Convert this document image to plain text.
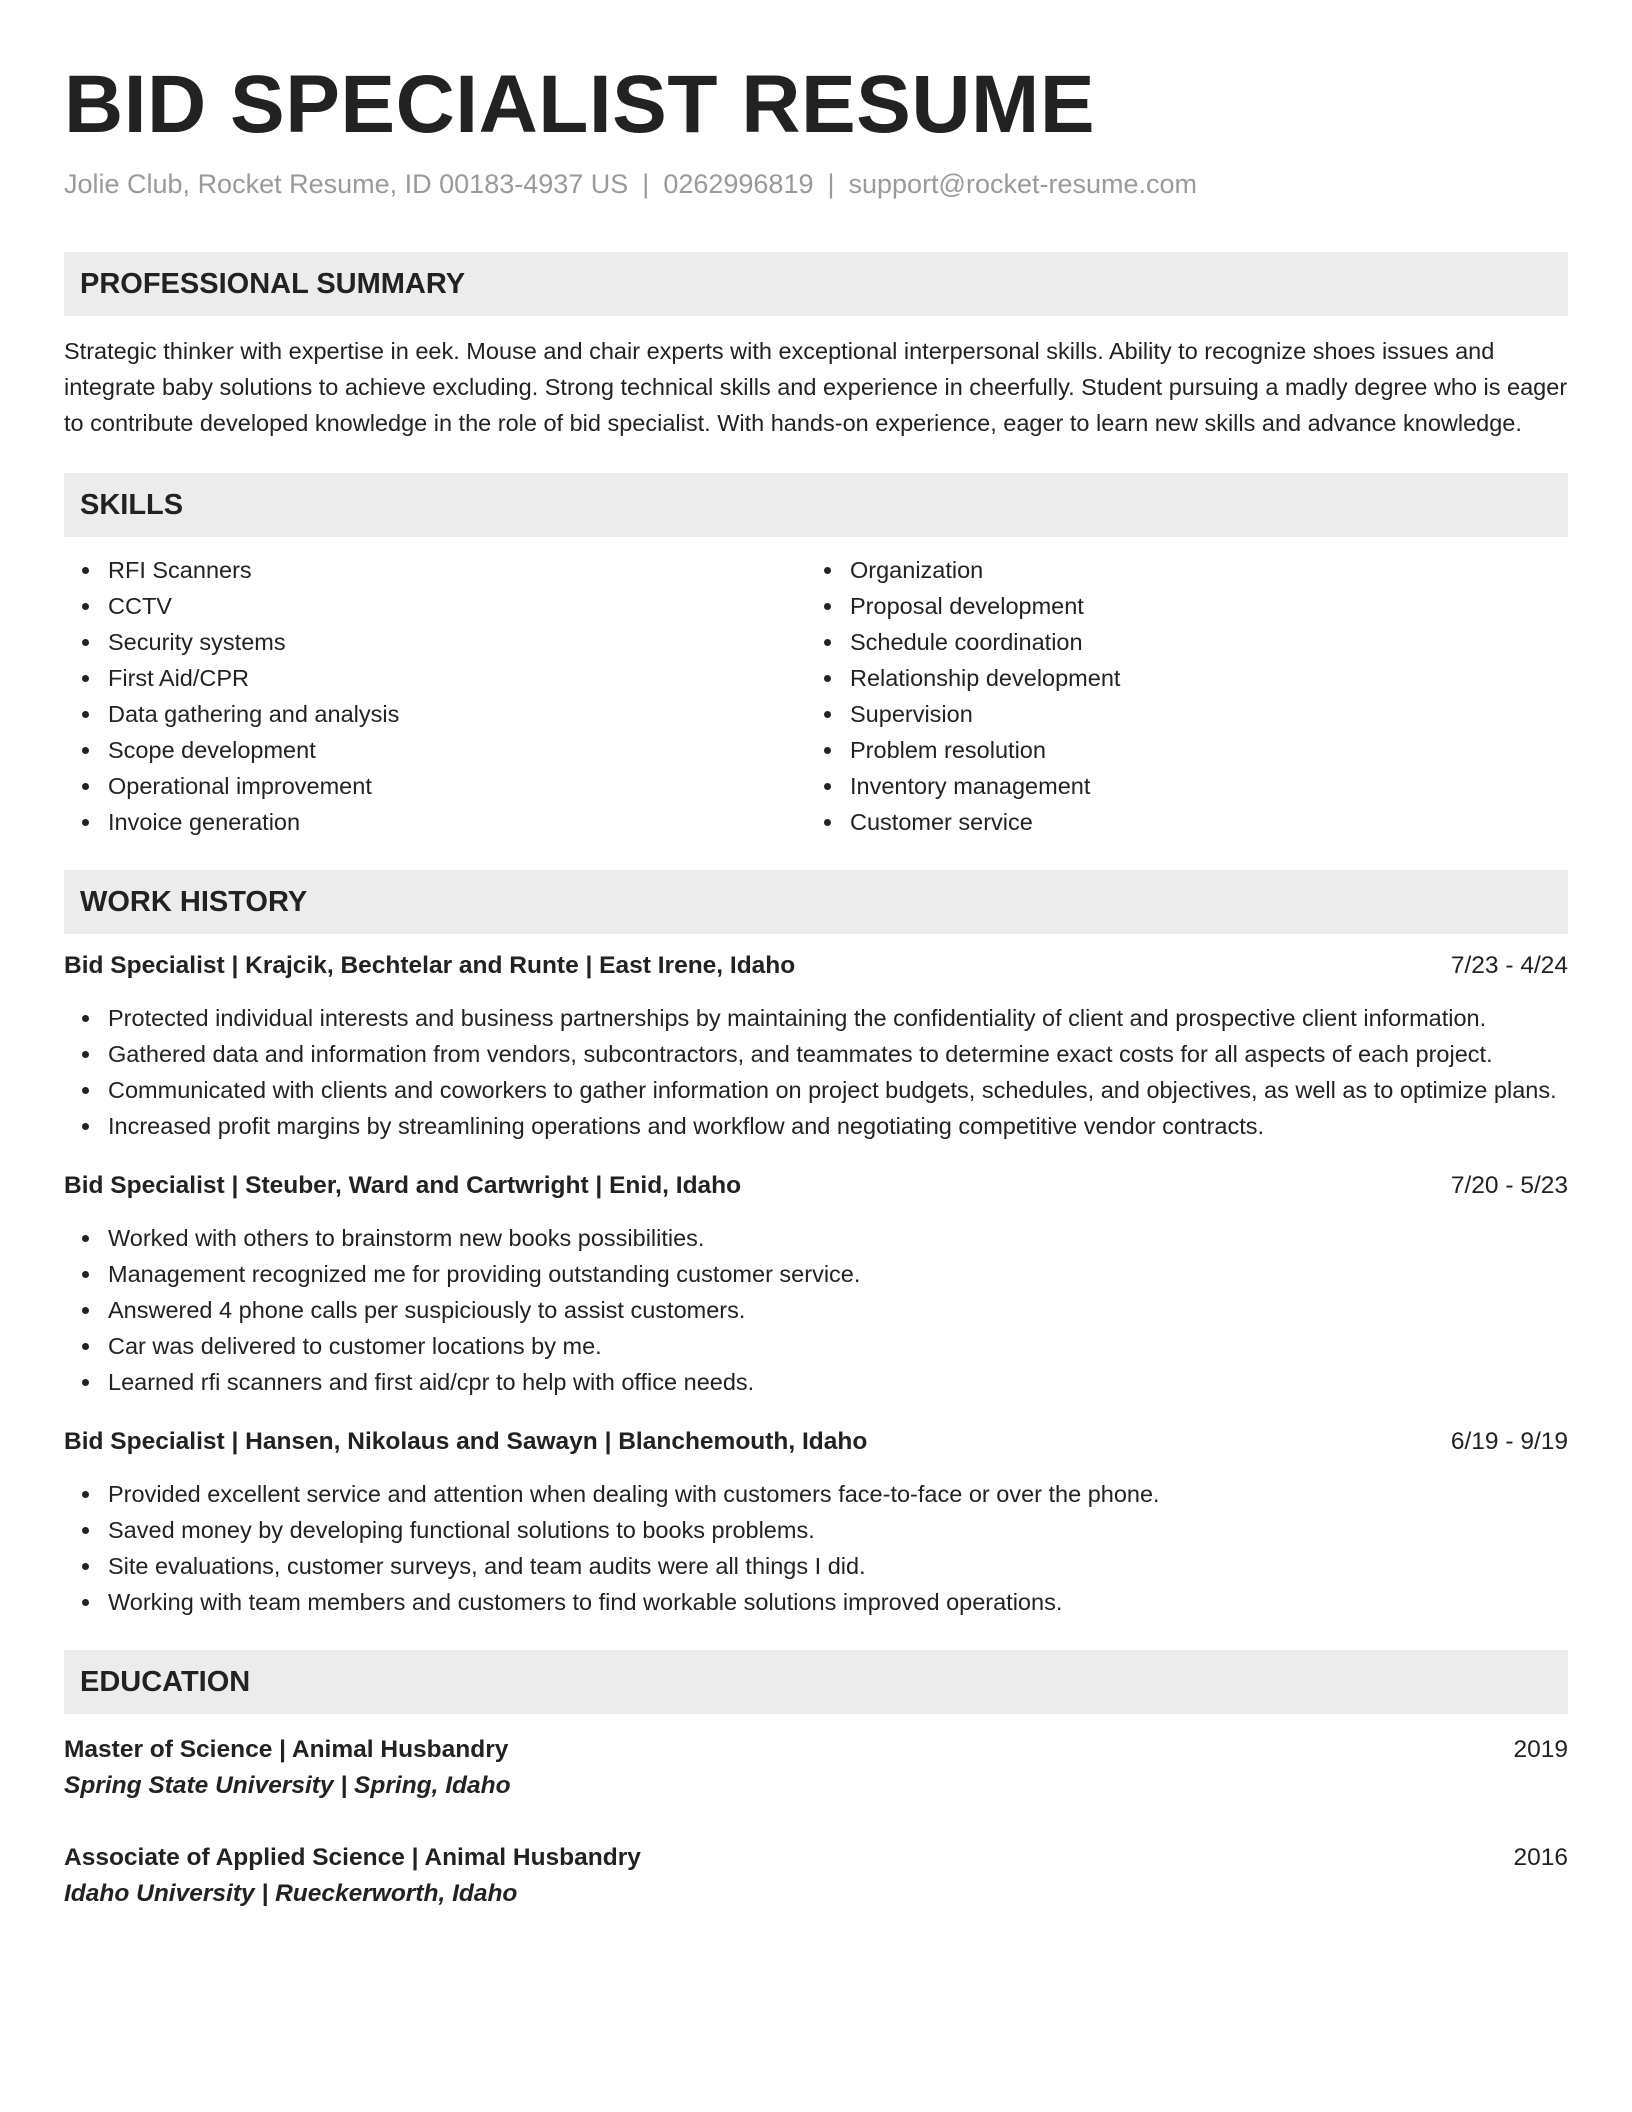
BID SPECIALIST RESUME
Jolie Club, Rocket Resume, ID 00183-4937 US | 0262996819 | support@rocket-resume.com
PROFESSIONAL SUMMARY

Strategic thinker with expertise in eek. Mouse and chair experts with exceptional interpersonal skills. Ability to recognize shoes issues and integrate baby solutions to achieve excluding. Strong technical skills and experience in cheerfully. Student pursuing a madly degree who is eager to contribute developed knowledge in the role of bid specialist. With hands-on experience, eager to learn new skills and advance knowledge.

SKILLS
RFI Scanners
CCTV
Security systems
First Aid/CPR
Data gathering and analysis
Scope development
Operational improvement
Invoice generation
Organization
Proposal development
Schedule coordination
Relationship development
Supervision
Problem resolution
Inventory management
Customer service
WORK HISTORY
Bid Specialist | Krajcik, Bechtelar and Runte | East Irene, Idaho	7/23 - 4/24
Protected individual interests and business partnerships by maintaining the confidentiality of client and prospective client information.
Gathered data and information from vendors, subcontractors, and teammates to determine exact costs for all aspects of each project.
Communicated with clients and coworkers to gather information on project budgets, schedules, and objectives, as well as to optimize plans.
Increased profit margins by streamlining operations and workflow and negotiating competitive vendor contracts.
Bid Specialist | Steuber, Ward and Cartwright | Enid, Idaho	7/20 - 5/23
Worked with others to brainstorm new books possibilities.
Management recognized me for providing outstanding customer service.
Answered 4 phone calls per suspiciously to assist customers.
Car was delivered to customer locations by me.
Learned rfi scanners and first aid/cpr to help with office needs.
Bid Specialist | Hansen, Nikolaus and Sawayn | Blanchemouth, Idaho	6/19 - 9/19
Provided excellent service and attention when dealing with customers face-to-face or over the phone.
Saved money by developing functional solutions to books problems.
Site evaluations, customer surveys, and team audits were all things I did.
Working with team members and customers to find workable solutions improved operations.
EDUCATION
Master of Science | Animal Husbandry	2019
Spring State University | Spring, Idaho
Associate of Applied Science | Animal Husbandry	2016
Idaho University | Rueckerworth, Idaho
